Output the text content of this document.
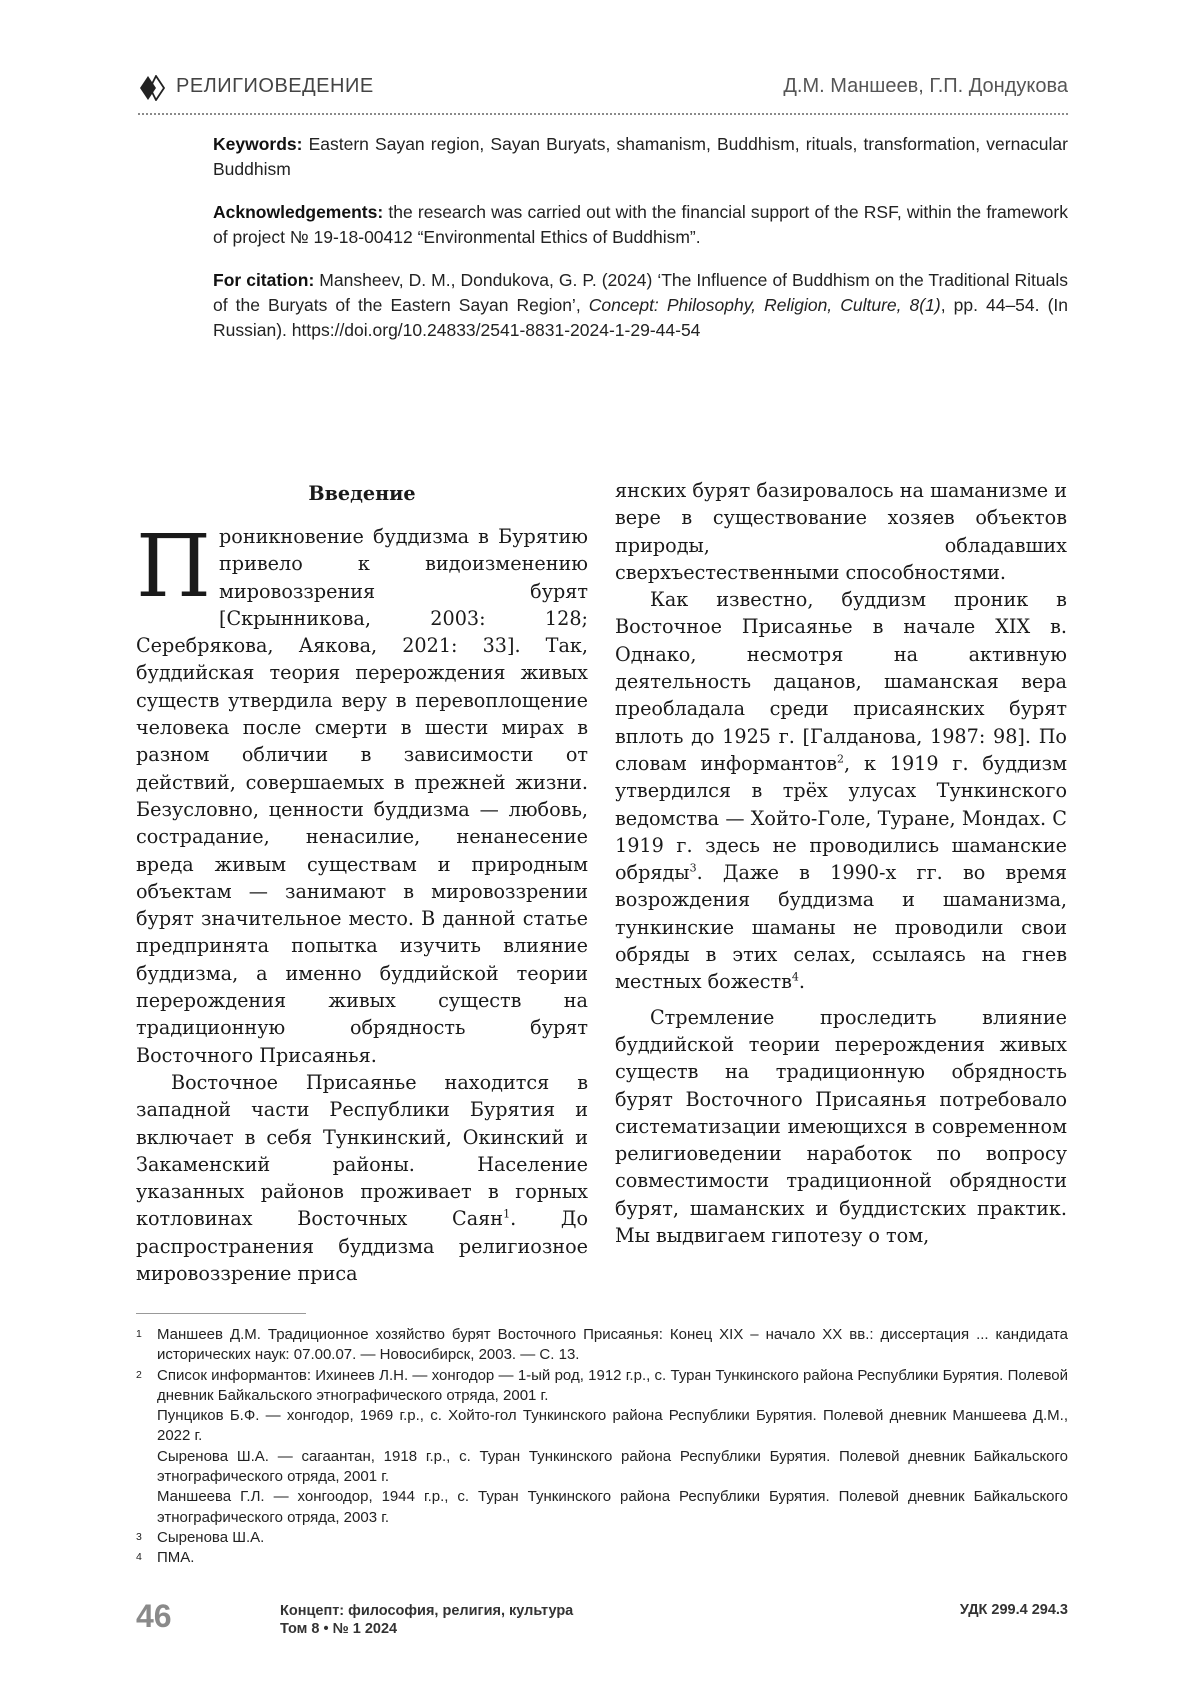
РЕЛИГИОВЕДЕНИЕ	Д.М. Маншеев, Г.П. Дондукова

Keywords: Eastern Sayan region, Sayan Buryats, shamanism, Buddhism, rituals, transformation, vernacular Buddhism

Acknowledgements: the research was carried out with the financial support of the RSF, within the framework of project № 19-18-00412 “Environmental Ethics of Buddhism”.

For citation: Mansheev, D. M., Dondukova, G. P. (2024) ‘The Influence of Buddhism on the Traditional Rituals of the Buryats of the Eastern Sayan Region’, Concept: Philosophy, Religion, Culture, 8(1), pp. 44–54. (In Russian). https://doi.org/10.24833/2541-8831-2024-1-29-44-54

Введение

Проникновение буддизма в Бурятию привело к видоизменению мировоззрения бурят [Скрынникова, 2003: 128; Серебрякова, Аякова, 2021: 33]. Так, буддийская теория перерождения живых существ утвердила веру в перевоплощение человека после смерти в шести мирах в разном обличии в зависимости от действий, совершаемых в прежней жизни. Безусловно, ценности буддизма — любовь, сострадание, ненасилие, ненанесение вреда живым существам и природным объектам — занимают в мировоззрении бурят значительное место. В данной статье предпринята попытка изучить влияние буддизма, а именно буддийской теории перерождения живых существ на традиционную обрядность бурят Восточного Присаянья.

Восточное Присаянье находится в западной части Республики Бурятия и включает в себя Тункинский, Окинский и Закаменский районы. Население указанных районов проживает в горных котловинах Восточных Саян$^1$. До распространения буддизма религиозное мировоззрение приса

янских бурят базировалось на шаманизме и вере в существование хозяев объектов природы, обладавших сверхъестественными способностями.

Как известно, буддизм проник в Восточное Присаянье в начале XIX в. Однако, несмотря на активную деятельность дацанов, шаманская вера преобладала среди присаянских бурят вплоть до 1925 г. [Галданова, 1987: 98]. По словам информантов$^2$, к 1919 г. буддизм утвердился в трёх улусах Тункинского ведомства — Хойто-Голе, Туране, Мондах. С 1919 г. здесь не проводились шаманские обряды$^3$. Даже в 1990-х гг. во время возрождения буддизма и шаманизма, тункинские шаманы не проводили свои обряды в этих селах, ссылаясь на гнев местных божеств$^4$.

Стремление проследить влияние буддийской теории перерождения живых существ на традиционную обрядность бурят Восточного Присаянья потребовало систематизации имеющихся в современном религиоведении наработок по вопросу совместимости традиционной обрядности бурят, шаманских и буддистских практик. Мы выдвигаем гипотезу о том,

1 Маншеев Д.М. Традиционное хозяйство бурят Восточного Присаянья: Конец XIX – начало XX вв.: диссертация ... кандидата исторических наук: 07.00.07. — Новосибирск, 2003. — С. 13.
2 Список информантов: Ихинеев Л.Н. — хонгодор — 1-ый род, 1912 г.р., с. Туран Тункинского района Республики Бурятия. Полевой дневник Байкальского этнографического отряда, 2001 г.
Пунциков Б.Ф. — хонгодор, 1969 г.р., с. Хойто-гол Тункинского района Республики Бурятия. Полевой дневник Маншеева Д.М., 2022 г.
Сыренова Ш.А. — сагаантан, 1918 г.р., с. Туран Тункинского района Республики Бурятия. Полевой дневник Байкальского этнографического отряда, 2001 г.
Маншеева Г.Л. — хонгоодор, 1944 г.р., с. Туран Тункинского района Республики Бурятия. Полевой дневник Байкальского этнографического отряда, 2003 г.
3 Сыренова Ш.А.
4 ПМА.
46	Концепт: философия, религия, культура
Том 8 • № 1 2024
УДК 299.4 294.3
